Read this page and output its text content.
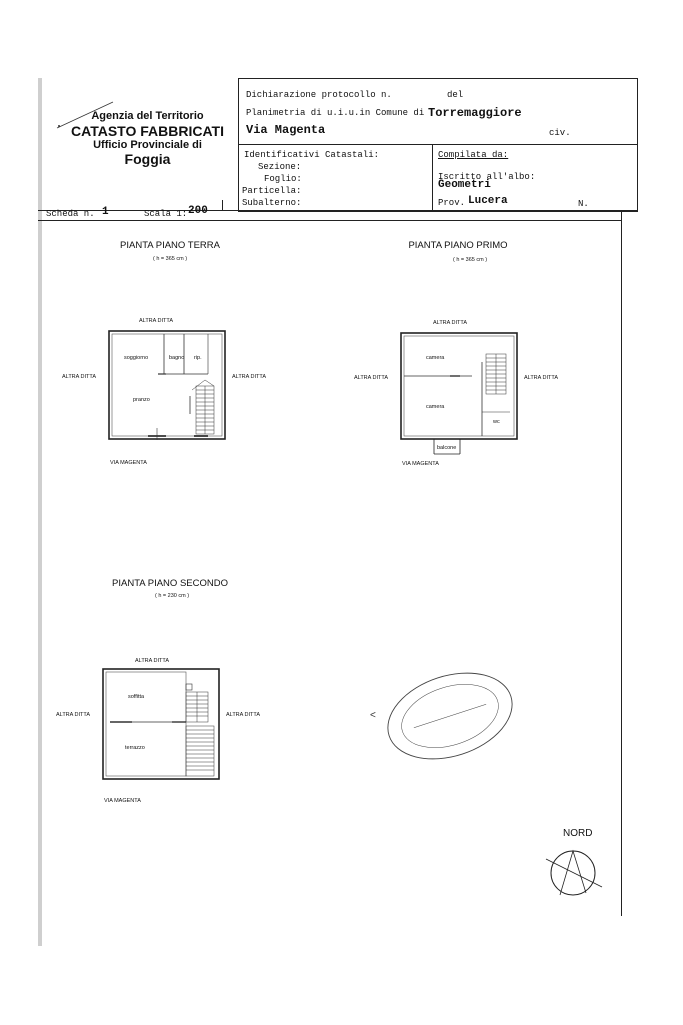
Agenzia del Territorio
CATASTO FABBRICATI
Ufficio Provinciale di
Foggia
Dichiarazione protocollo n.	del
Planimetria di u.i.u.in Comune di Torremaggiore
Via Magenta	civ.
Identificativi Catastali:
Sezione:
Foglio:
Particella:
Subalterno:
Compilata da:
Iscritto all'albo:
Geometri
Prov. Lucera	N.
Scheda n. 1	Scala 1: 200
PIANTA PIANO TERRA
( h = 365 cm )
ALTRA DITTA
ALTRA DITTA	ALTRA DITTA
VIA MAGENTA
soggiorno	bagno rip.
pranzo
PIANTA PIANO PRIMO
( h = 365 cm )
ALTRA DITTA
ALTRA DITTA	ALTRA DITTA
VIA MAGENTA
camera
camera
wc
balcone
PIANTA PIANO SECONDO
( h = 230 cm )
ALTRA DITTA
ALTRA DITTA	ALTRA DITTA
VIA MAGENTA
soffitta
terrazzo
<
NORD
